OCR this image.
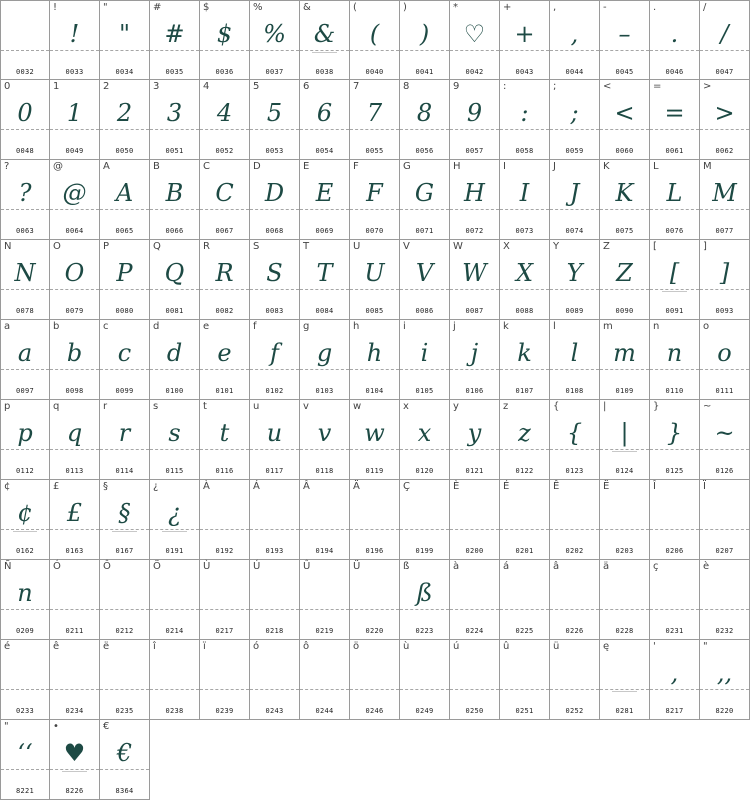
0032
!
!
0033
"
"
0034
#
#
0035
$
$
0036
%
%
0037
&
&
0038
(
(
0040
)
)
0041
*
♡
0042
+
+
0043
,
,
0044
-
–
0045
.
.
0046
/
/
0047
0
0
0048
1
1
0049
2
2
0050
3
3
0051
4
4
0052
5
5
0053
6
6
0054
7
7
0055
8
8
0056
9
9
0057
:
:
0058
;
;
0059
<
<
0060
=
=
0061
>
>
0062
?
?
0063
@
@
0064
A
A
0065
B
B
0066
C
C
0067
D
D
0068
E
E
0069
F
F
0070
G
G
0071
H
H
0072
I
I
0073
J
J
0074
K
K
0075
L
L
0076
M
M
0077
N
N
0078
O
O
0079
P
P
0080
Q
Q
0081
R
R
0082
S
S
0083
T
T
0084
U
U
0085
V
V
0086
W
W
0087
X
X
0088
Y
Y
0089
Z
Z
0090
[
[
0091
]
]
0093
a
a
0097
b
b
0098
c
c
0099
d
d
0100
e
e
0101
f
f
0102
g
g
0103
h
h
0104
i
i
0105
j
j
0106
k
k
0107
l
l
0108
m
m
0109
n
n
0110
o
o
0111
p
p
0112
q
q
0113
r
r
0114
s
s
0115
t
t
0116
u
u
0117
v
v
0118
w
w
0119
x
x
0120
y
y
0121
z
z
0122
{
{
0123
|
|
0124
}
}
0125
~
~
0126
¢
¢
0162
£
£
0163
§
§
0167
¿
¿
0191
À
0192
Á
0193
Â
0194
Ä
0196
Ç
0199
È
0200
É
0201
Ê
0202
Ë
0203
Î
0206
Ï
0207
Ñ
n
0209
Ó
0211
Ô
0212
Ö
0214
Ù
0217
Ú
0218
Û
0219
Ü
0220
ß
ß
0223
à
0224
á
0225
â
0226
ä
0228
ç
0231
è
0232
é
0233
ê
0234
ë
0235
î
0238
ï
0239
ó
0243
ô
0244
ö
0246
ù
0249
ú
0250
û
0251
ü
0252
ę
0281
'
,
8217
"
,,
8220
"
‘‘
8221
•
♥
8226
€
€
8364
